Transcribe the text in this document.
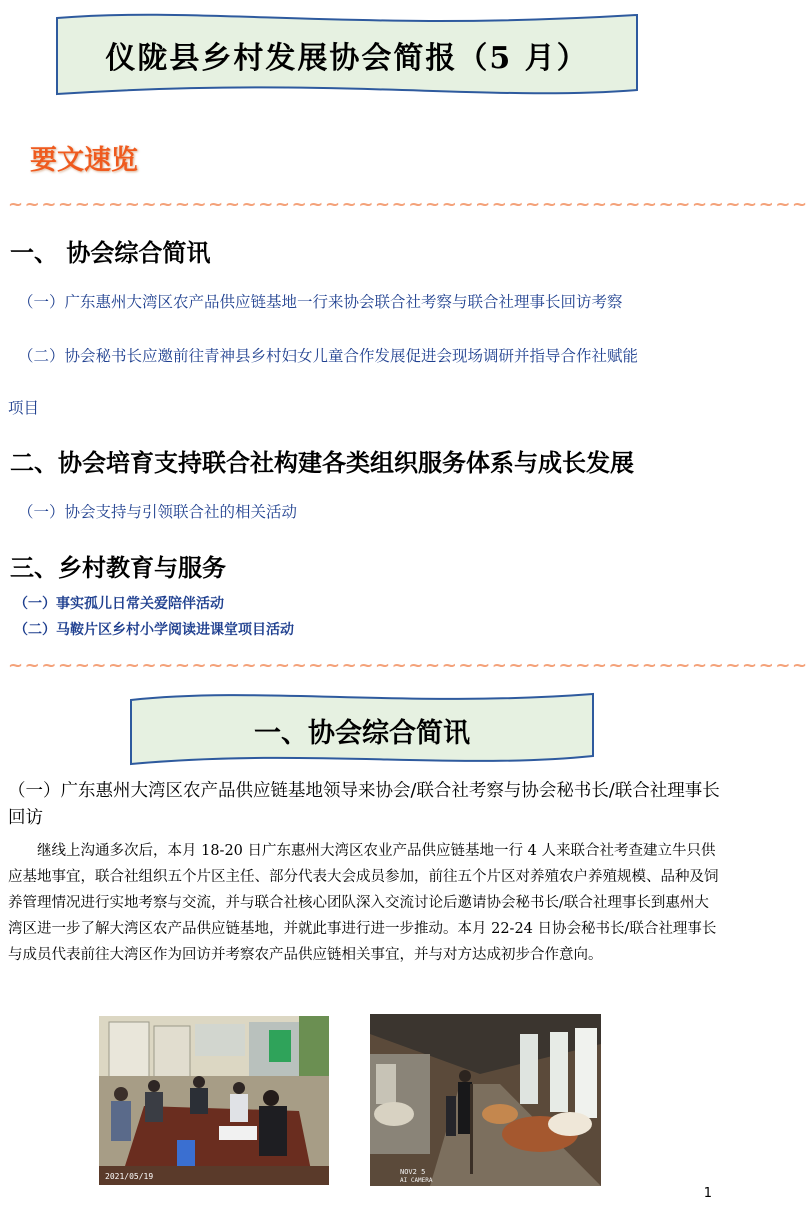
仪陇县乡村发展协会简报（5 月）
要文速览
~~~~~~~~~~~~~~~~~~~~~~~~~~~~~~~~~~~~~~~~~~~~~~~~
一、 协会综合简讯
（一）广东惠州大湾区农产品供应链基地一行来协会联合社考察与联合社理事长回访考察
（二）协会秘书长应邀前往青神县乡村妇女儿童合作发展促进会现场调研并指导合作社赋能
项目
二、协会培育支持联合社构建各类组织服务体系与成长发展
（一）协会支持与引领联合社的相关活动
三、乡村教育与服务
（一）事实孤儿日常关爱陪伴活动
（二）马鞍片区乡村小学阅读进课堂项目活动
~~~~~~~~~~~~~~~~~~~~~~~~~~~~~~~~~~~~~~~~~~~~~~~~
一、协会综合简讯
（一）广东惠州大湾区农产品供应链基地领导来协会/联合社考察与协会秘书长/联合社理事长回访
继线上沟通多次后，本月 18-20 日广东惠州大湾区农业产品供应链基地一行 4 人来联合社考查建立牛只供应基地事宜，联合社组织五个片区主任、部分代表大会成员参加，前往五个片区对养殖农户养殖规模、品种及饲养管理情况进行实地考察与交流，并与联合社核心团队深入交流讨论后邀请协会秘书长/联合社理事长到惠州大湾区进一步了解大湾区农产品供应链基地，并就此事进行进一步推动。本月 22-24 日协会秘书长/联合社理事长与成员代表前往大湾区作为回访并考察农产品供应链相关事宜，并与对方达成初步合作意向。
2021/05/19	NOV2 5
AI CAMERA
1
